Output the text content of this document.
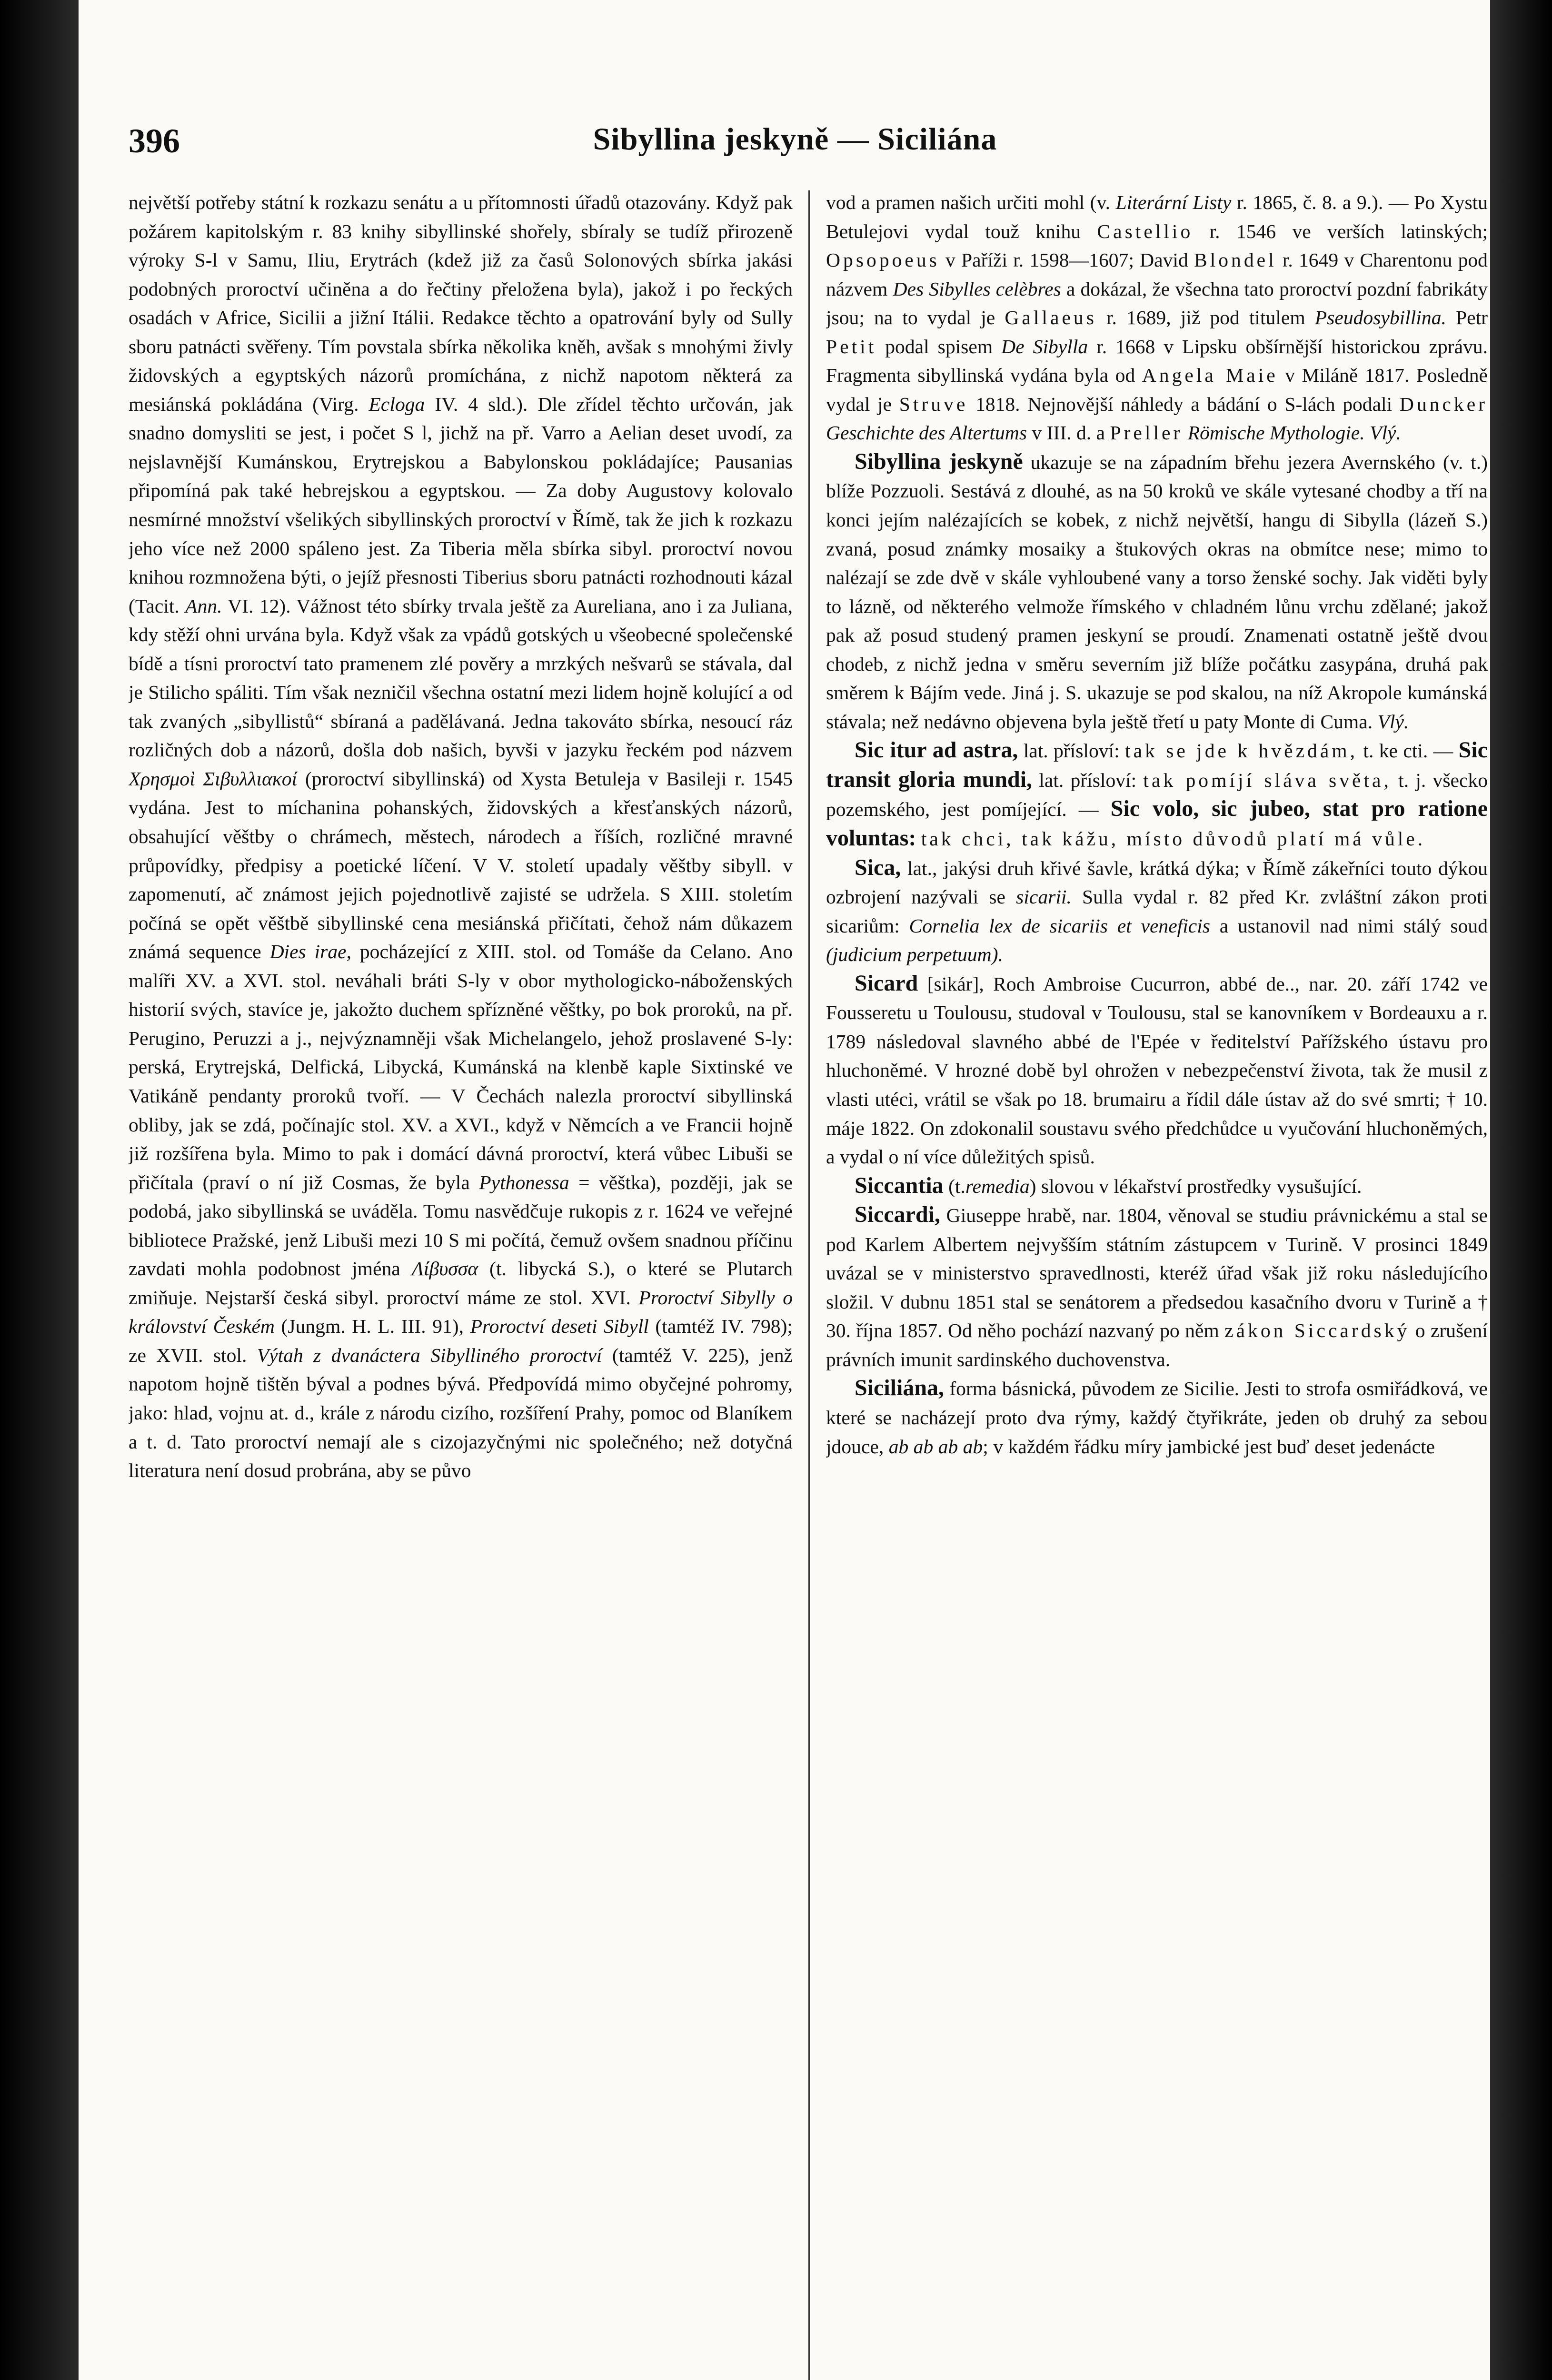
396	Sibyllina jeskyně — Siciliána

největší potřeby státní k rozkazu senátu a u přítomnosti úřadů otazovány. Když pak požárem kapitolským r. 83 knihy sibyllinské shořely, sbíraly se tudíž přirozeně výroky S-l v Samu, Iliu, Erytrách (kdež již za časů Solonových sbírka jakási podobných proroctví učiněna a do řečtiny přeložena byla), jakož i po řeckých osadách v Africe, Sicilii a jižní Itálii. Redakce těchto a opatrování byly od Sully sboru patnácti svěřeny. Tím povstala sbírka několika kněh, avšak s mnohými živly židovských a egyptských názorů promíchána, z nichž napotom některá za mesiánská pokládána (Virg. Ecloga IV. 4 sld.). Dle zřídel těchto určován, jak snadno domysliti se jest, i počet S l, jichž na př. Varro a Aelian deset uvodí, za nejslavnější Kumánskou, Erytrejskou a Babylonskou pokládajíce; Pausanias připomíná pak také hebrejskou a egyptskou. — Za doby Augustovy kolovalo nesmírné množství všelikých sibyllinských proroctví v Římě, tak že jich k rozkazu jeho více než 2000 spáleno jest. Za Tiberia měla sbírka sibyl. proroctví novou knihou rozmnožena býti, o jejíž přesnosti Tiberius sboru patnácti rozhodnouti kázal (Tacit. Ann. VI. 12). Vážnost této sbírky trvala ještě za Aureliana, ano i za Juliana, kdy stěží ohni urvána byla. Když však za vpádů gotských u všeobecné společenské bídě a tísni proroctví tato pramenem zlé pověry a mrzkých nešvarů se stávala, dal je Stilicho spáliti. Tím však nezničil všechna ostatní mezi lidem hojně kolující a od tak zvaných „sibyllistů“ sbíraná a padělávaná. Jedna takováto sbírka, nesoucí ráz rozličných dob a názorů, došla dob našich, byvši v jazyku řeckém pod názvem Χρησμοὶ Σιβυλλιακοί (proroctví sibyllinská) od Xysta Betuleja v Basileji r. 1545 vydána. Jest to míchanina pohanských, židovských a křesťanských názorů, obsahující věštby o chrámech, městech, národech a říších, rozličné mravné průpovídky, předpisy a poetické líčení. V V. století upadaly věštby sibyll. v zapomenutí, ač známost jejich pojednotlivě zajisté se udržela. S XIII. stoletím počíná se opět věštbě sibyllinské cena mesiánská přičítati, čehož nám důkazem známá sequence Dies irae, pocházející z XIII. stol. od Tomáše da Celano. Ano malíři XV. a XVI. stol. neváhali bráti S-ly v obor mythologicko-náboženských historií svých, stavíce je, jakožto duchem spřízněné věštky, po bok proroků, na př. Perugino, Peruzzi a j., nejvýznamněji však Michelangelo, jehož proslavené S-ly: perská, Erytrejská, Delfická, Libycká, Kumánská na klenbě kaple Sixtinské ve Vatikáně pendanty proroků tvoří. — V Čechách nalezla proroctví sibyllinská obliby, jak se zdá, počínajíc stol. XV. a XVI., když v Němcích a ve Francii hojně již rozšířena byla. Mimo to pak i domácí dávná proroctví, která vůbec Libuši se přičítala (praví o ní již Cosmas, že byla Pythonessa = věštka), později, jak se podobá, jako sibyllinská se uváděla. Tomu nasvědčuje rukopis z r. 1624 ve veřejné bibliotece Pražské, jenž Libuši mezi 10 S mi počítá, čemuž ovšem snadnou příčinu zavdati mohla podobnost jména Λίβυσσα (t. libycká S.), o které se Plutarch zmiňuje. Nejstarší česká sibyl. proroctví máme ze stol. XVI. Proroctví Sibylly o království Českém (Jungm. H. L. III. 91), Proroctví deseti Sibyll (tamtéž IV. 798); ze XVII. stol. Výtah z dvanáctera Sibylliného proroctví (tamtéž V. 225), jenž napotom hojně tištěn býval a podnes bývá. Předpovídá mimo obyčejné pohromy, jako: hlad, vojnu at. d., krále z národu cizího, rozšíření Prahy, pomoc od Blaníkem a t. d. Tato proroctví nemají ale s cizojazyčnými nic společného; než dotyčná literatura není dosud probrána, aby se půvo

vod a pramen našich určiti mohl (v. Literární Listy r. 1865, č. 8. a 9.). — Po Xystu Betulejovi vydal touž knihu Castellio r. 1546 ve verších latinských; Opsopoeus v Paříži r. 1598—1607; David Blondel r. 1649 v Charentonu pod názvem Des Sibylles celèbres a dokázal, že všechna tato proroctví pozdní fabrikáty jsou; na to vydal je Gallaeus r. 1689, již pod titulem Pseudosybillina. Petr Petit podal spisem De Sibylla r. 1668 v Lipsku obšírnější historickou zprávu. Fragmenta sibyllinská vydána byla od Angela Maie v Miláně 1817. Posledně vydal je Struve 1818. Nejnovější náhledy a bádání o S-lách podali Duncker Geschichte des Altertums v III. d. a Preller Römische Mythologie. Vlý.

Sibyllina jeskyně ukazuje se na západním břehu jezera Avernského (v. t.) blíže Pozzuoli. Sestává z dlouhé, as na 50 kroků ve skále vytesané chodby a tří na konci jejím nalézajících se kobek, z nichž největší, hangu di Sibylla (lázeň S.) zvaná, posud známky mosaiky a štukových okras na obmítce nese; mimo to nalézají se zde dvě v skále vyhloubené vany a torso ženské sochy. Jak viděti byly to lázně, od některého velmože římského v chladném lůnu vrchu zdělané; jakož pak až posud studený pramen jeskyní se proudí. Znamenati ostatně ještě dvou chodeb, z nichž jedna v směru severním již blíže počátku zasypána, druhá pak směrem k Bájím vede. Jiná j. S. ukazuje se pod skalou, na níž Akropole kumánská stávala; než nedávno objevena byla ještě třetí u paty Monte di Cuma. Vlý.

Sic itur ad astra, lat. přísloví: tak se jde k hvězdám, t. ke cti. — Sic transit gloria mundi, lat. přísloví: tak pomíjí sláva světa, t. j. všecko pozemského, jest pomíjející. — Sic volo, sic jubeo, stat pro ratione voluntas: tak chci, tak kážu, místo důvodů platí má vůle.

Sica, lat., jakýsi druh křivé šavle, krátká dýka; v Římě zákeřníci touto dýkou ozbrojení nazývali se sicarii. Sulla vydal r. 82 před Kr. zvláštní zákon proti sicariům: Cornelia lex de sicariis et veneficis a ustanovil nad nimi stálý soud (judicium perpetuum).

Sicard [sikár], Roch Ambroise Cucurron, abbé de.., nar. 20. září 1742 ve Fousseretu u Toulousu, studoval v Toulousu, stal se kanovníkem v Bordeauxu a r. 1789 následoval slavného abbé de l'Epée v ředitelství Pařížského ústavu pro hluchoněmé. V hrozné době byl ohrožen v nebezpečenství života, tak že musil z vlasti utéci, vrátil se však po 18. brumairu a řídil dále ústav až do své smrti; † 10. máje 1822. On zdokonalil soustavu svého předchůdce u vyučování hluchoněmých, a vydal o ní více důležitých spisů.

Siccantia (t.remedia) slovou v lékařství prostředky vysušující.

Siccardi, Giuseppe hrabě, nar. 1804, věnoval se studiu právnickému a stal se pod Karlem Albertem nejvyšším státním zástupcem v Turině. V prosinci 1849 uvázal se v ministerstvo spravedlnosti, kteréž úřad však již roku následujícího složil. V dubnu 1851 stal se senátorem a předsedou kasačního dvoru v Turině a † 30. října 1857. Od něho pochází nazvaný po něm zákon Siccardský o zrušení právních imunit sardinského duchovenstva.

Siciliána, forma básnická, původem ze Sicilie. Jesti to strofa osmiřádková, ve které se nacházejí proto dva rýmy, každý čtyřikráte, jeden ob druhý za sebou jdouce, ab ab ab ab; v každém řádku míry jambické jest buď deset jedenácte
